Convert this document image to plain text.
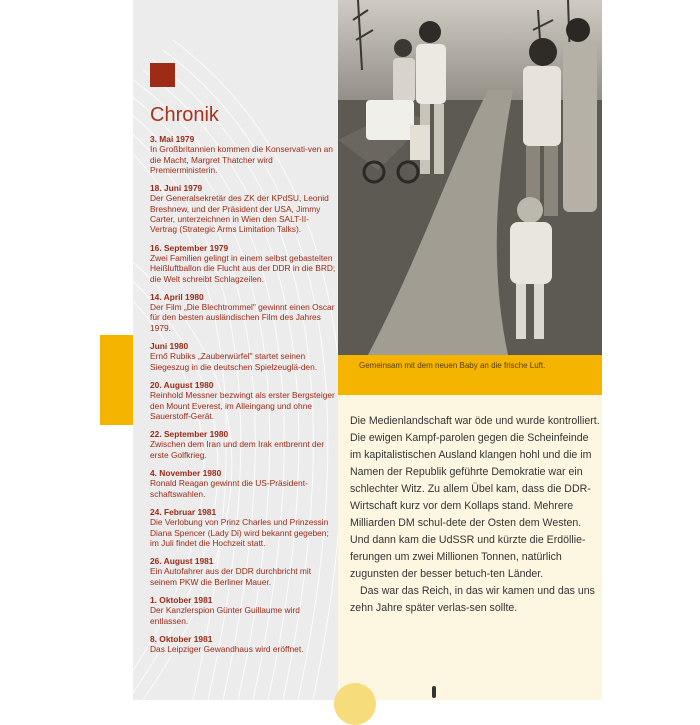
Chronik
3. Mai 1979
In Großbritannien kommen die Konservati-ven an die Macht, Margret Thatcher wird Premierministerin.
18. Juni 1979
Der Generalsekretär des ZK der KPdSU, Leonid Breshnew, und der Präsident der USA, Jimmy Carter, unterzeichnen in Wien den SALT-II-Vertrag (Strategic Arms Limitation Talks).
16. September 1979
Zwei Familien gelingt in einem selbst gebastelten Heißluftballon die Flucht aus der DDR in die BRD; die Welt schreibt Schlagzeilen.
14. April 1980
Der Film „Die Blechtrommel" gewinnt einen Oscar für den besten ausländischen Film des Jahres 1979.
Juni 1980
Ernő Rubiks „Zauberwürfel" startet seinen Siegeszug in die deutschen Spielzeuglä-den.
20. August 1980
Reinhold Messner bezwingt als erster Bergsteiger den Mount Everest, im Alleingang und ohne Sauerstoff-Gerät.
22. September 1980
Zwischen dem Iran und dem Irak entbrennt der erste Golfkrieg.
4. November 1980
Ronald Reagan gewinnt die US-Präsident-schaftswahlen.
24. Februar 1981
Die Verlobung von Prinz Charles und Prinzessin Diana Spencer (Lady Di) wird bekannt gegeben; im Juli findet die Hochzeit statt.
26. August 1981
Ein Autofahrer aus der DDR durchbricht mit seinem PKW die Berliner Mauer.
1. Oktober 1981
Der Kanzlerspion Günter Guillaume wird entlassen.
8. Oktober 1981
Das Leipziger Gewandhaus wird eröffnet.
Gemeinsam mit dem neuen Baby an die frische Luft.

Die Medienlandschaft war öde und wurde kontrolliert. Die ewigen Kampf-parolen gegen die Scheinfeinde im kapitalistischen Ausland klangen hohl und die im Namen der Republik geführte Demokratie war ein schlechter Witz. Zu allem Übel kam, dass die DDR-Wirtschaft kurz vor dem Kollaps stand. Mehrere Milliarden DM schul-dete der Osten dem Westen. Und dann kam die UdSSR und kürzte die Erdöllie-ferungen um zwei Millionen Tonnen, natürlich zugunsten der besser betuch-ten Länder.

Das war das Reich, in das wir kamen und das uns zehn Jahre später verlas-sen sollte.
